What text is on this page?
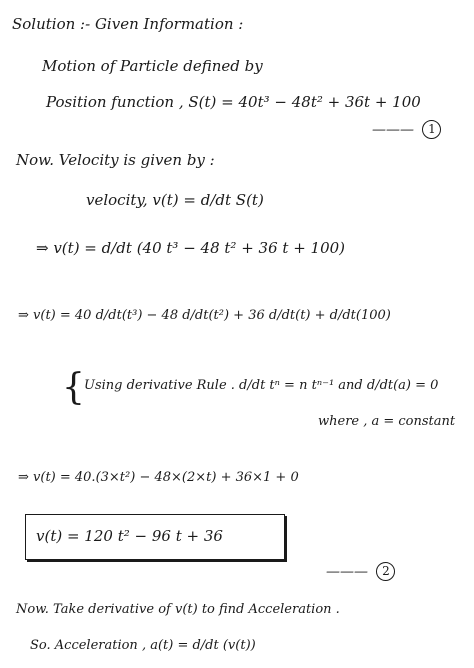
Solution :- Given Information :
Motion of Particle defined by
Position function , S(t) = 40t³ − 48t² + 36t + 100
——— 1
Now. Velocity is given by :
velocity, v(t) = d/dt S(t)
⇒ v(t) = d/dt (40 t³ − 48 t² + 36 t + 100)
⇒ v(t) = 40 d/dt(t³) − 48 d/dt(t²) + 36 d/dt(t) + d/dt(100)
{ Using derivative Rule . d/dt tⁿ = n tⁿ⁻¹ and d/dt(a) = 0
where , a = constant
⇒ v(t) = 40.(3×t²) − 48×(2×t) + 36×1 + 0
v(t) = 120 t² − 96 t + 36
——— 2
Now. Take derivative of v(t) to find Acceleration .
So. Acceleration , a(t) = d/dt (v(t))
